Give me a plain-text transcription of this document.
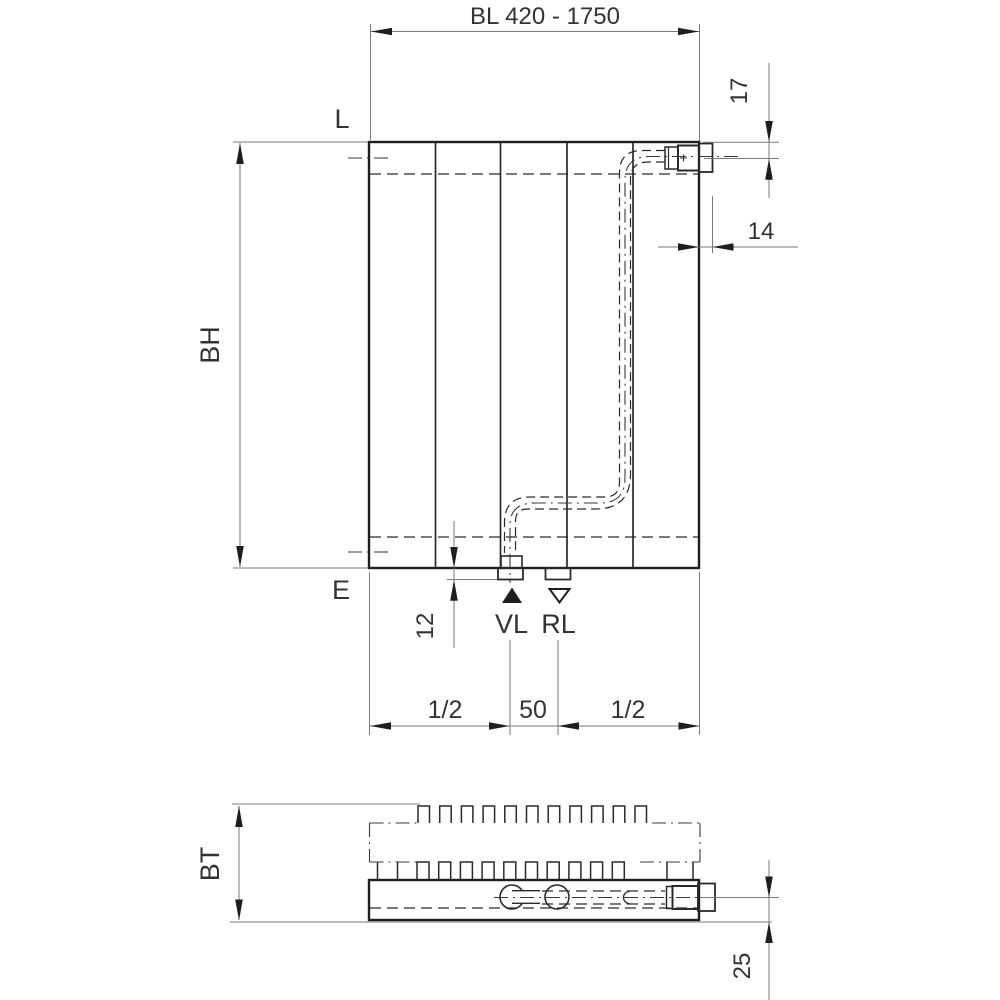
BL 420 - 1750
L
E
BH
17
14
12 VL RL
1/2 50	1/2
BT
25
